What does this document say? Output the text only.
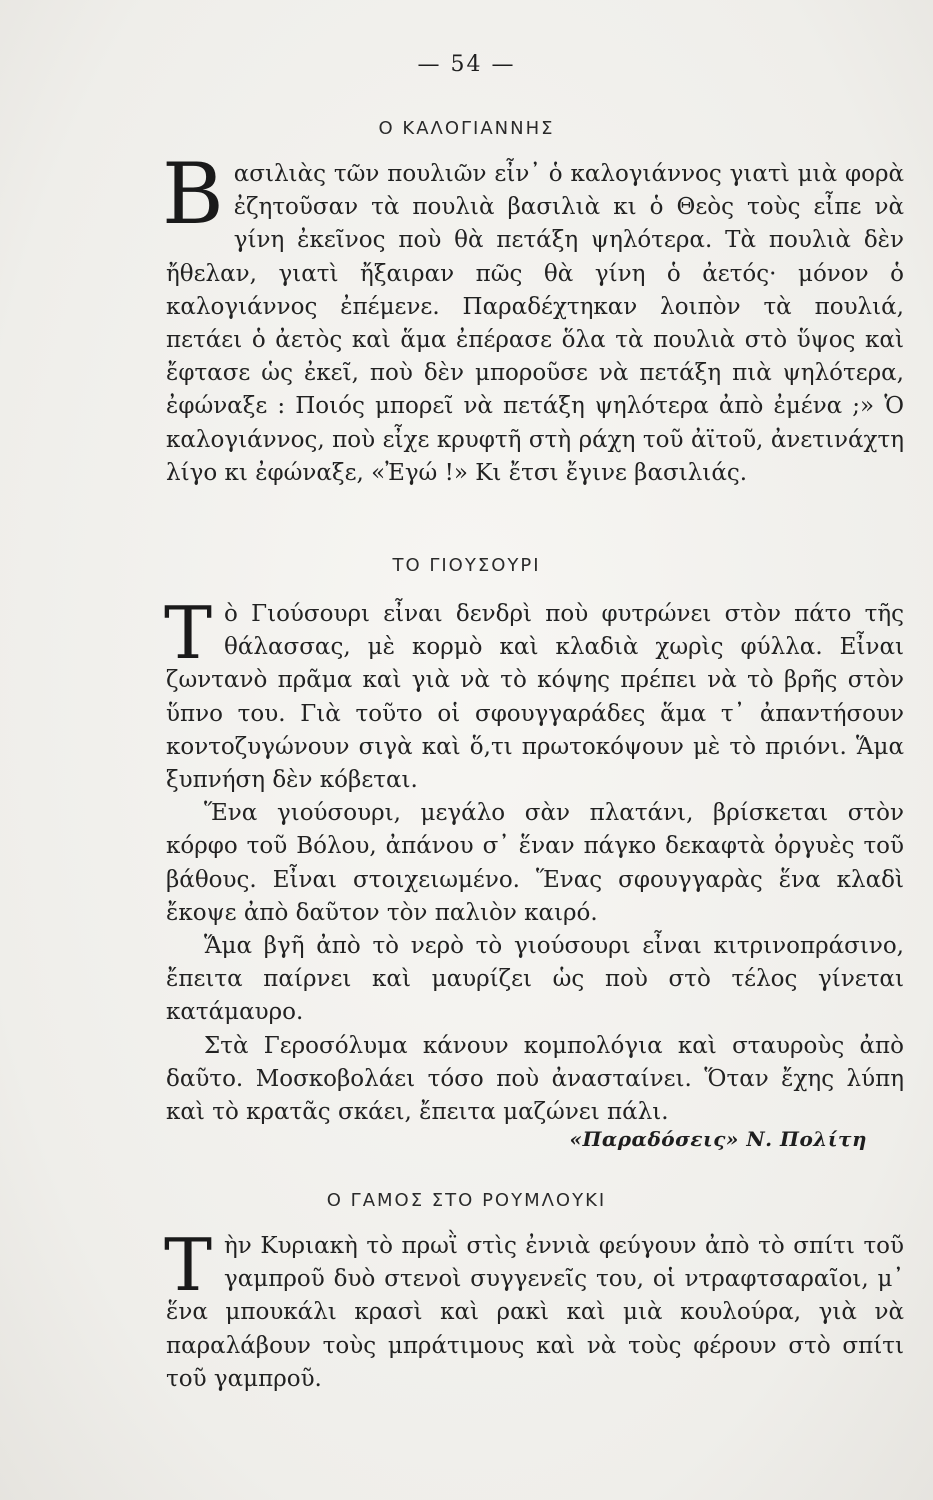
— 54 —
Ο ΚΑΛΟΓΙΑΝΝΗΣ

Βασιλιὰς τῶν πουλιῶν εἶν᾽ ὁ καλογιάννος γιατὶ μιὰ φορὰ ἐζητοῦσαν τὰ πουλιὰ βασιλιὰ κι ὁ Θεὸς τοὺς εἶπε νὰ γίνη ἐκεῖνος ποὺ θὰ πετάξη ψηλότερα. Τὰ πουλιὰ δὲν ἤθελαν, γιατὶ ἤξαιραν πῶς θὰ γίνη ὁ ἀετός· μόνον ὁ καλογιάννος ἐπέμενε. Παραδέχτηκαν λοιπὸν τὰ πουλιά, πετάει ὁ ἀετὸς καὶ ἅμα ἐπέρασε ὅλα τὰ πουλιὰ στὸ ὕψος καὶ ἔφτασε ὡς ἐκεῖ, ποὺ δὲν μποροῦσε νὰ πετάξη πιὰ ψηλότερα, ἐφώναξε : Ποιός μπορεῖ νὰ πετάξη ψηλότερα ἀπὸ ἐμένα ;» Ὁ καλογιάννος, ποὺ εἶχε κρυφτῆ στὴ ράχη τοῦ ἀϊτοῦ, ἀνετινάχτη λίγο κι ἐφώναξε, «Ἐγώ !» Κι ἔτσι ἔγινε βασιλιάς.

ΤΟ ΓΙΟΥΣΟΥΡΙ

Τὸ Γιούσουρι εἶναι δενδρὶ ποὺ φυτρώνει στὸν πάτο τῆς θάλασσας, μὲ κορμὸ καὶ κλαδιὰ χωρὶς φύλλα. Εἶναι ζωντανὸ πρᾶμα καὶ γιὰ νὰ τὸ κόψης πρέπει νὰ τὸ βρῆς στὸν ὕπνο του. Γιὰ τοῦτο οἱ σφουγγαράδες ἅμα τ᾽ ἀπαντήσουν κοντοζυγώνουν σιγὰ καὶ ὅ,τι πρωτοκόψουν μὲ τὸ πριόνι. Ἅμα ξυπνήση δὲν κόβεται.

Ἕνα γιούσουρι, μεγάλο σὰν πλατάνι, βρίσκεται στὸν κόρφο τοῦ Βόλου, ἀπάνου σ᾽ ἕναν πάγκο δεκαφτὰ ὀργυὲς τοῦ βάθους. Εἶναι στοιχειωμένο. Ἕνας σφουγγαρὰς ἕνα κλαδὶ ἔκοψε ἀπὸ δαῦτον τὸν παλιὸν καιρό.

Ἅμα βγῆ ἀπὸ τὸ νερὸ τὸ γιούσουρι εἶναι κιτρινοπράσινο, ἔπειτα παίρνει καὶ μαυρίζει ὡς ποὺ στὸ τέλος γίνεται κατάμαυρο.

Στὰ Γεροσόλυμα κάνουν κομπολόγια καὶ σταυροὺς ἀπὸ δαῦτο. Μοσκοβολάει τόσο ποὺ ἀνασταίνει. Ὅταν ἔχης λύπη καὶ τὸ κρατᾶς σκάει, ἔπειτα μαζώνει πάλι.

«Παραδόσεις» Ν. Πολίτη
Ο ΓΑΜΟΣ ΣΤΟ ΡΟΥΜΛΟΥΚΙ

Τὴν Κυριακὴ τὸ πρωῒ στὶς ἐννιὰ φεύγουν ἀπὸ τὸ σπίτι τοῦ γαμπροῦ δυὸ στενοὶ συγγενεῖς του, οἱ ντραφτσαραῖοι, μ᾽ ἕνα μπουκάλι κρασὶ καὶ ρακὶ καὶ μιὰ κουλούρα, γιὰ νὰ παραλάβουν τοὺς μπράτιμους καὶ νὰ τοὺς φέρουν στὸ σπίτι τοῦ γαμπροῦ.
